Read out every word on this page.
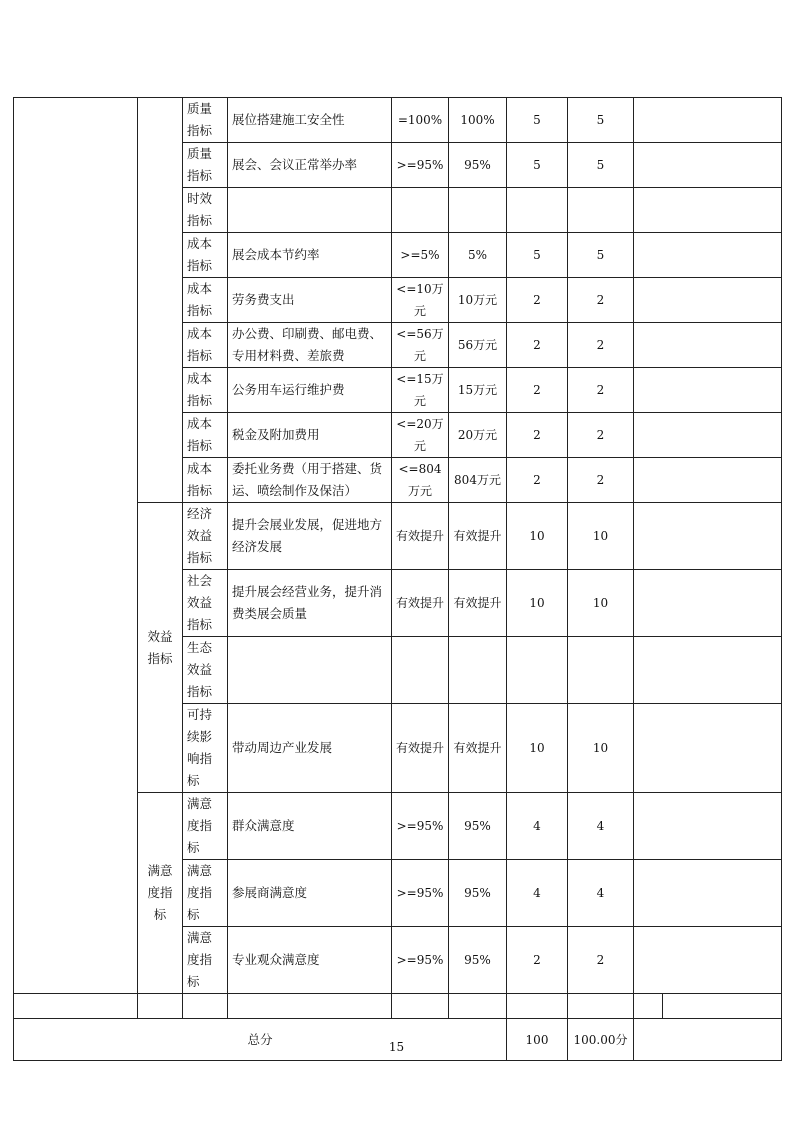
		质量指标	展位搭建施工安全性	=100%	100%	5	5	
		质量指标	展会、会议正常举办率	>=95%	95%	5	5	
		时效指标						
		成本指标	展会成本节约率	>=5%	5%	5	5	
		成本指标	劳务费支出	<=10万元	10万元	2	2	
		成本指标	办公费、印刷费、邮电费、专用材料费、差旅费	<=56万元	56万元	2	2	
		成本指标	公务用车运行维护费	<=15万元	15万元	2	2	
		成本指标	税金及附加费用	<=20万元	20万元	2	2	
		成本指标	委托业务费（用于搭建、货运、喷绘制作及保洁）	<=804万元	804万元	2	2	
	效益指标	经济效益指标	提升会展业发展，促进地方经济发展	有效提升	有效提升	10	10	
		社会效益指标	提升展会经营业务，提升消费类展会质量	有效提升	有效提升	10	10	
		生态效益指标						
		可持续影响指标	带动周边产业发展	有效提升	有效提升	10	10	
	满意度指标	满意度指标	群众满意度	>=95%	95%	4	4	
		满意度指标	参展商满意度	>=95%	95%	4	4	
		满意度指标	专业观众满意度	>=95%	95%	2	2	

总分						100	100.00分	
15
